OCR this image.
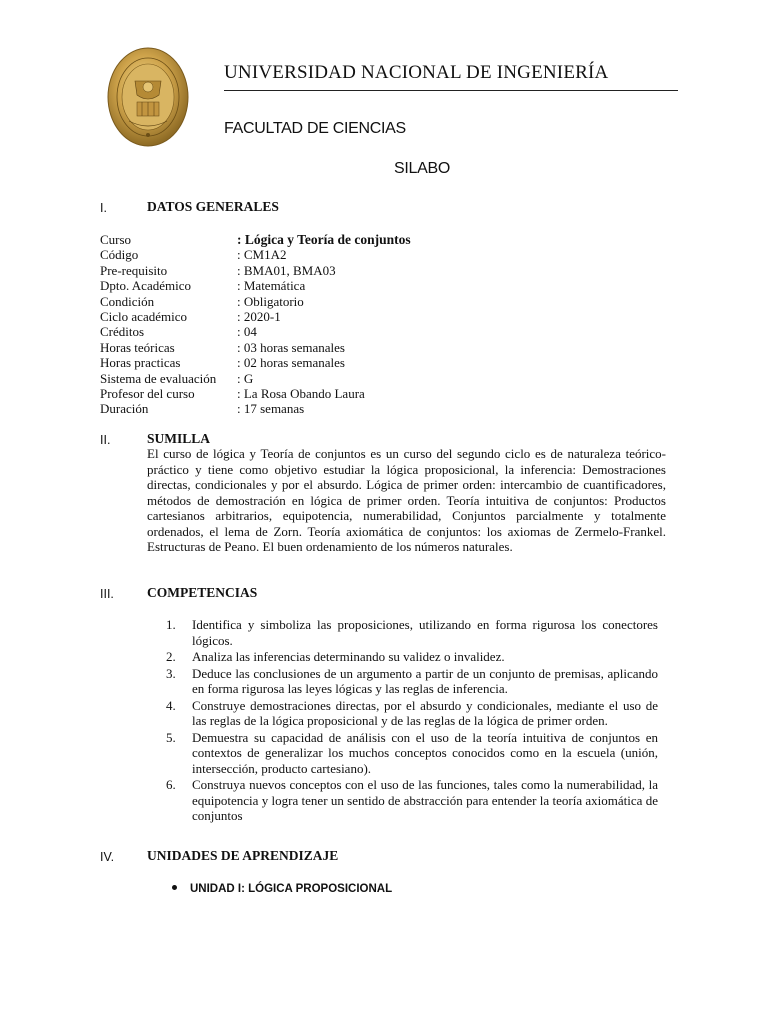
UNIVERSIDAD NACIONAL DE INGENIERÍA
FACULTAD DE CIENCIAS
SILABO
I.	DATOS GENERALES
Curso	: Lógica y Teoría de conjuntos
Código	: CM1A2
Pre-requisito	: BMA01, BMA03
Dpto. Académico	: Matemática
Condición	: Obligatorio
Ciclo académico	: 2020-1
Créditos	: 04
Horas teóricas	: 03 horas semanales
Horas practicas	: 02 horas semanales
Sistema de evaluación : G
Profesor del curso	: La Rosa Obando Laura
Duración	: 17 semanas
II.	SUMILLA
El curso de lógica y Teoría de conjuntos es un curso del segundo ciclo es de naturaleza teórico-práctico y tiene como objetivo estudiar la lógica proposicional, la inferencia: Demostraciones directas, condicionales y por el absurdo. Lógica de primer orden: intercambio de cuantificadores, métodos de demostración en lógica de primer orden. Teoría intuitiva de conjuntos: Productos cartesianos arbitrarios, equipotencia, numerabilidad, Conjuntos parcialmente y totalmente ordenados, el lema de Zorn. Teoría axiomática de conjuntos: los axiomas de Zermelo-Frankel. Estructuras de Peano. El buen ordenamiento de los números naturales.
III. COMPETENCIAS
1. Identifica y simboliza las proposiciones, utilizando en forma rigurosa los conectores lógicos.
2. Analiza las inferencias determinando su validez o invalidez.
3. Deduce las conclusiones de un argumento a partir de un conjunto de premisas, aplicando en forma rigurosa las leyes lógicas y las reglas de inferencia.
4. Construye demostraciones directas, por el absurdo y condicionales, mediante el uso de las reglas de la lógica proposicional y de las reglas de la lógica de primer orden.
5. Demuestra su capacidad de análisis con el uso de la teoría intuitiva de conjuntos en contextos de generalizar los muchos conceptos conocidos como en la escuela (unión, intersección, producto cartesiano).
6. Construya nuevos conceptos con el uso de las funciones, tales como la numerabilidad, la equipotencia y logra tener un sentido de abstracción para entender la teoría axiomática de conjuntos
IV. UNIDADES DE APRENDIZAJE
UNIDAD I: LÓGICA PROPOSICIONAL
